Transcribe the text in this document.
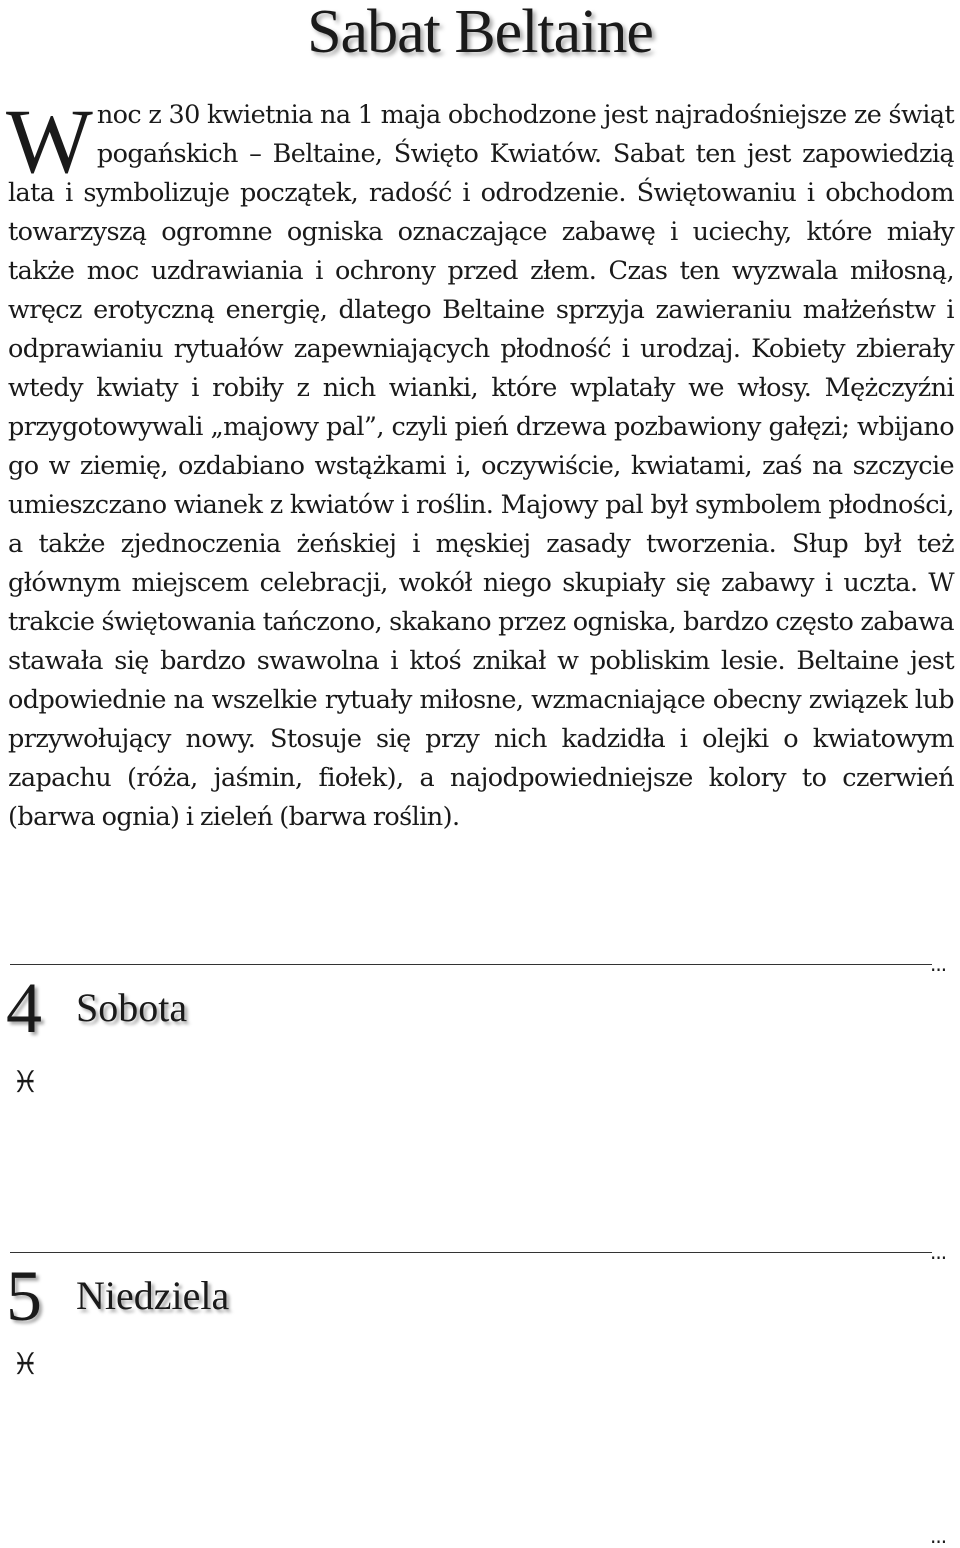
Sabat Beltaine
W noc z 30 kwietnia na 1 maja obchodzone jest najradośniejsze ze świąt pogańskich – Beltaine, Święto Kwiatów. Sabat ten jest zapowiedzią lata i symbolizuje początek, radość i odrodzenie. Świętowaniu i obchodom towarzyszą ogromne ogniska oznaczające zabawę i uciechy, które miały także moc uzdrawiania i ochrony przed złem. Czas ten wyzwala miłosną, wręcz erotyczną energię, dlatego Beltaine sprzyja zawieraniu małżeństw i odprawianiu rytuałów zapewniających płodność i urodzaj. Kobiety zbierały wtedy kwiaty i robiły z nich wianki, które wplatały we włosy. Mężczyźni przygotowywali „majowy pal”, czyli pień drzewa pozbawiony gałęzi; wbijano go w ziemię, ozdabiano wstążkami i, oczywiście, kwiatami, zaś na szczycie umieszczano wianek z kwiatów i roślin. Majowy pal był symbolem płodności, a także zjednoczenia żeńskiej i męskiej zasady tworzenia. Słup był też głównym miejscem celebracji, wokół niego skupiały się zabawy i uczta. W trakcie świętowania tańczono, skakano przez ogniska, bardzo często zabawa stawała się bardzo swawolna i ktoś znikał w pobliskim lesie. Beltaine jest odpowiednie na wszelkie rytuały miłosne, wzmacniające obecny związek lub przywołujący nowy. Stosuje się przy nich kadzidła i olejki o kwiatowym zapachu (róża, jaśmin, fiołek), a najodpowiedniejsze kolory to czerwień (barwa ognia) i zieleń (barwa roślin).

...
4 Sobota
♓
...
5 Niedziela
♓
...
